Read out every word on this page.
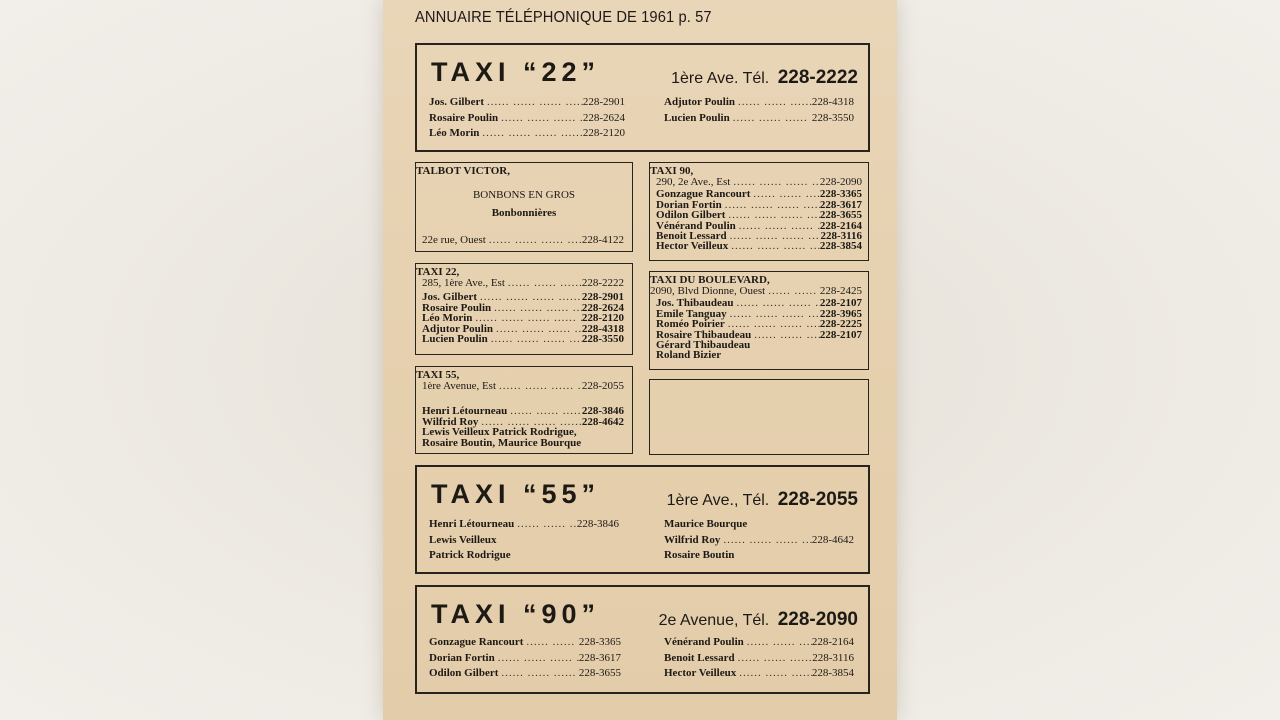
ANNUAIRE TÉLÉPHONIQUE DE 1961 p. 57
TAXI “22”	1ère Ave. Tél. 228-2222
Jos. Gilbert .....	228-2901
Rosaire Poulin .....	228-2624
Léo Morin .....	228-2120
Adjutor Poulin .....	228-4318
Lucien Poulin .....	228-3550
TALBOT VICTOR,
BONBONS EN GROS
Bonbonnières
22e rue, Ouest .....	228-4122
TAXI 22,
285, 1ère Ave., Est .....	228-2222
Jos. Gilbert .....	228-2901
Rosaire Poulin .....	228-2624
Léo Morin .....	228-2120
Adjutor Poulin .....	228-4318
Lucien Poulin .....	228-3550
TAXI 55,
1ère Avenue, Est .....	228-2055
Henri Létourneau .....	228-3846
Wilfrid Roy .....	228-4642
Lewis Veilleux Patrick Rodrigue,
Rosaire Boutin, Maurice Bourque
TAXI 90,
290, 2e Ave., Est .....	228-2090
Gonzague Rancourt .....	228-3365
Dorian Fortin .....	228-3617
Odilon Gilbert .....	228-3655
Vénérand Poulin .....	228-2164
Benoit Lessard .....	228-3116
Hector Veilleux .....	228-3854
TAXI DU BOULEVARD,
2090, Blvd Dionne, Ouest .....	228-2425
Jos. Thibaudeau .....	228-2107
Emile Tanguay .....	228-3965
Roméo Poirier .....	228-2225
Rosaire Thibaudeau .....	228-2107
Gérard Thibaudeau
Roland Bizier
TAXI “55”	1ère Ave., Tél. 228-2055
Henri Létourneau .....	228-3846
Lewis Veilleux
Patrick Rodrigue
Maurice Bourque
Wilfrid Roy .....	228-4642
Rosaire Boutin
TAXI “90”	2e Avenue, Tél. 228-2090
Gonzague Rancourt .....	228-3365
Dorian Fortin .....	228-3617
Odilon Gilbert .....	228-3655
Vénérand Poulin .....	228-2164
Benoit Lessard .....	228-3116
Hector Veilleux .....	228-3854
